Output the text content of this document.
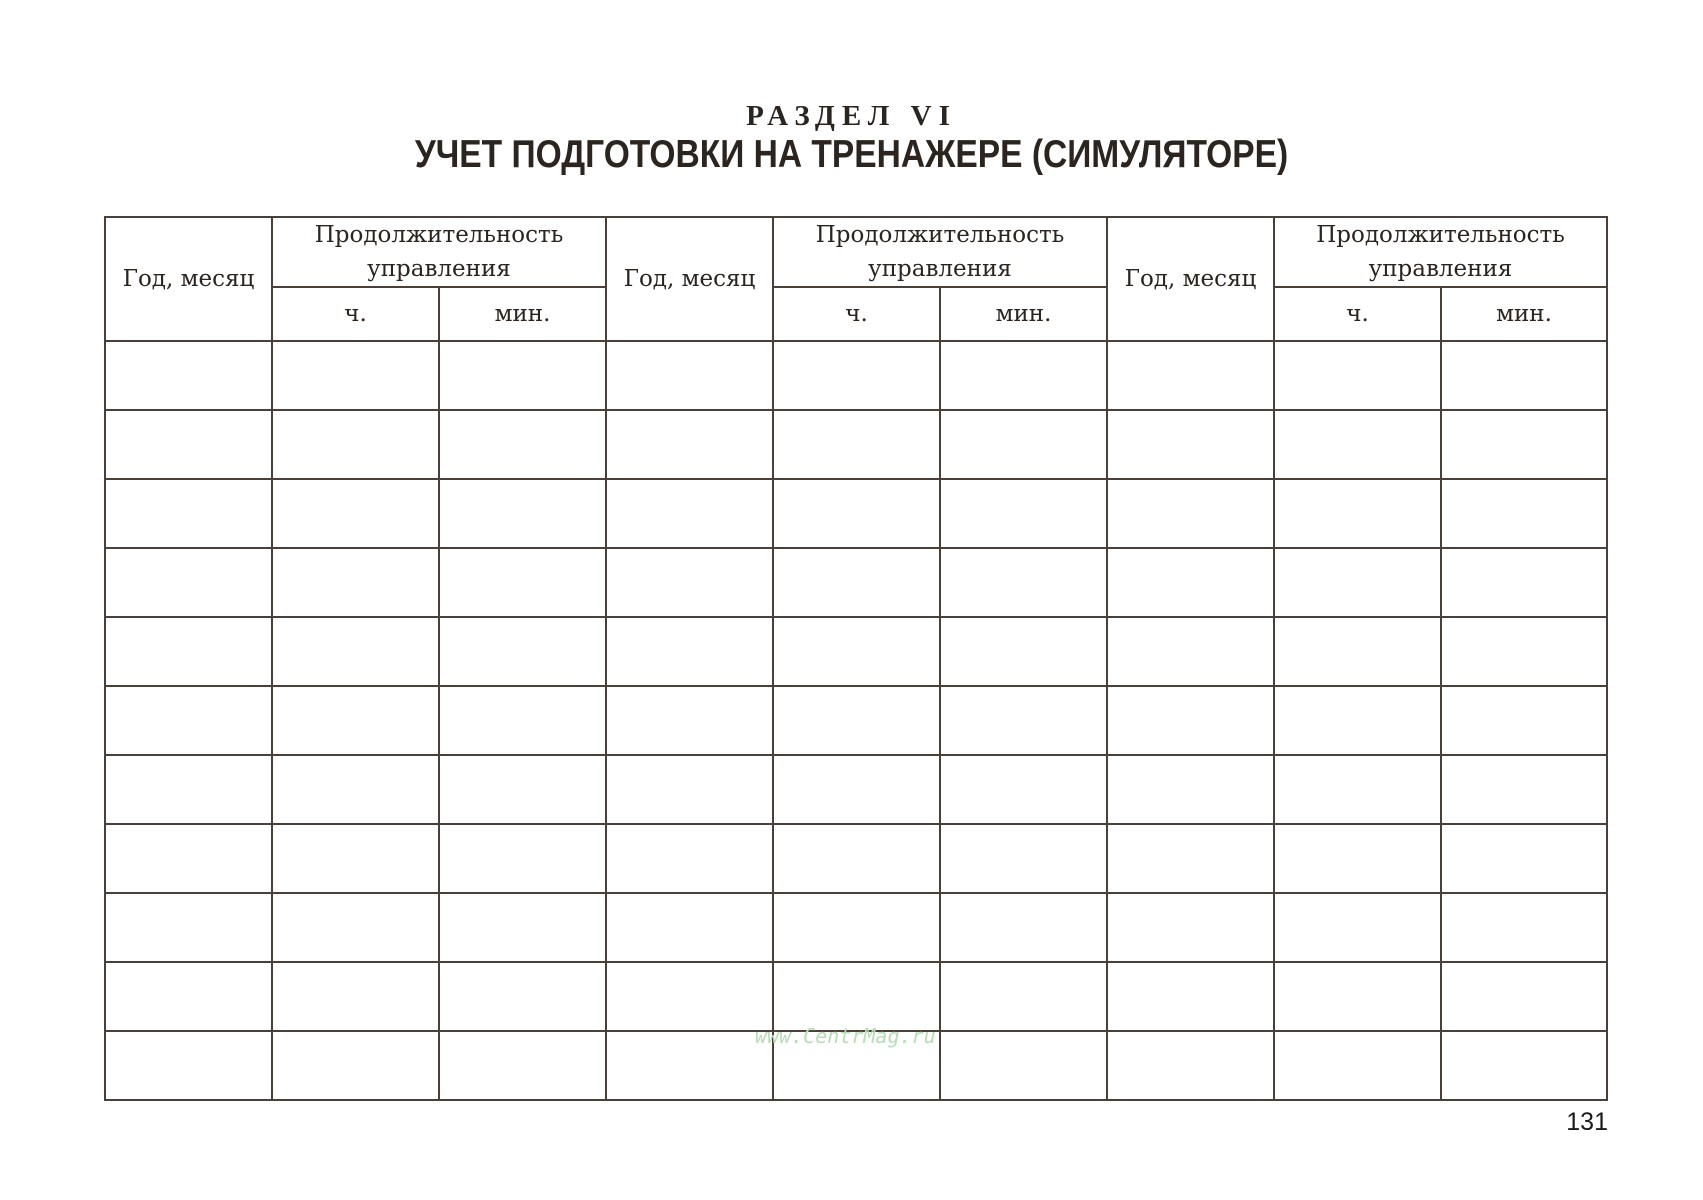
РАЗДЕЛ VI
УЧЕТ ПОДГОТОВКИ НА ТРЕНАЖЕРЕ (СИМУЛЯТОРЕ)
Год, месяц	Продолжительность управления		Год, месяц	Продолжительность управления		Год, месяц	Продолжительность управления	
	ч.	мин.		ч.	мин.		ч.	мин.

www.CentrMag.ru
131
